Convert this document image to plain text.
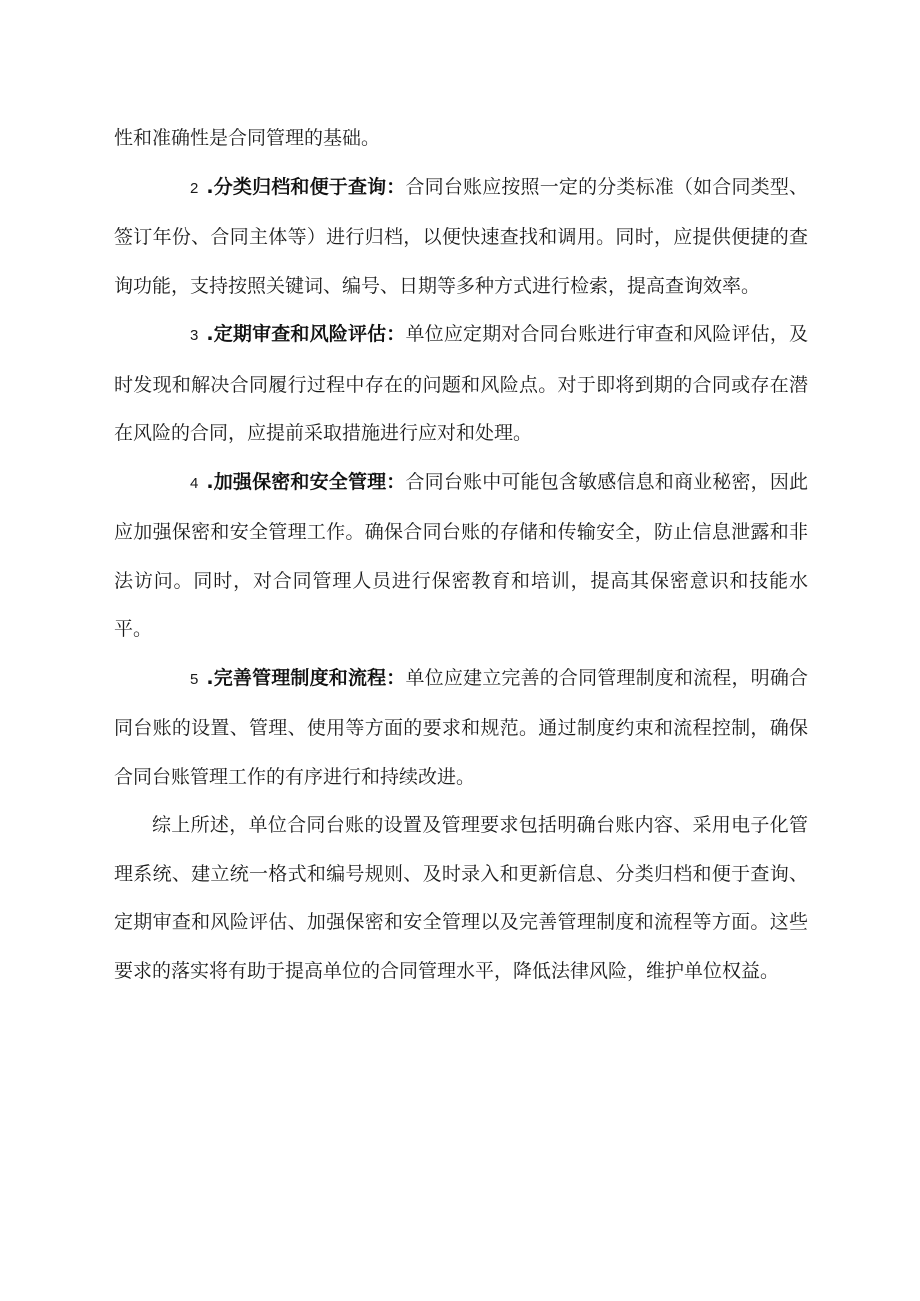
性和准确性是合同管理的基础。

2 .分类归档和便于查询：合同台账应按照一定的分类标准（如合同类型、签订年份、合同主体等）进行归档，以便快速查找和调用。同时，应提供便捷的查询功能，支持按照关键词、编号、日期等多种方式进行检索，提高查询效率。

3 .定期审查和风险评估：单位应定期对合同台账进行审查和风险评估，及时发现和解决合同履行过程中存在的问题和风险点。对于即将到期的合同或存在潜在风险的合同，应提前采取措施进行应对和处理。

4 .加强保密和安全管理：合同台账中可能包含敏感信息和商业秘密，因此应加强保密和安全管理工作。确保合同台账的存储和传输安全，防止信息泄露和非法访问。同时，对合同管理人员进行保密教育和培训，提高其保密意识和技能水平。

5 .完善管理制度和流程：单位应建立完善的合同管理制度和流程，明确合同台账的设置、管理、使用等方面的要求和规范。通过制度约束和流程控制，确保合同台账管理工作的有序进行和持续改进。

综上所述，单位合同台账的设置及管理要求包括明确台账内容、采用电子化管理系统、建立统一格式和编号规则、及时录入和更新信息、分类归档和便于查询、定期审查和风险评估、加强保密和安全管理以及完善管理制度和流程等方面。这些要求的落实将有助于提高单位的合同管理水平，降低法律风险，维护单位权益。
